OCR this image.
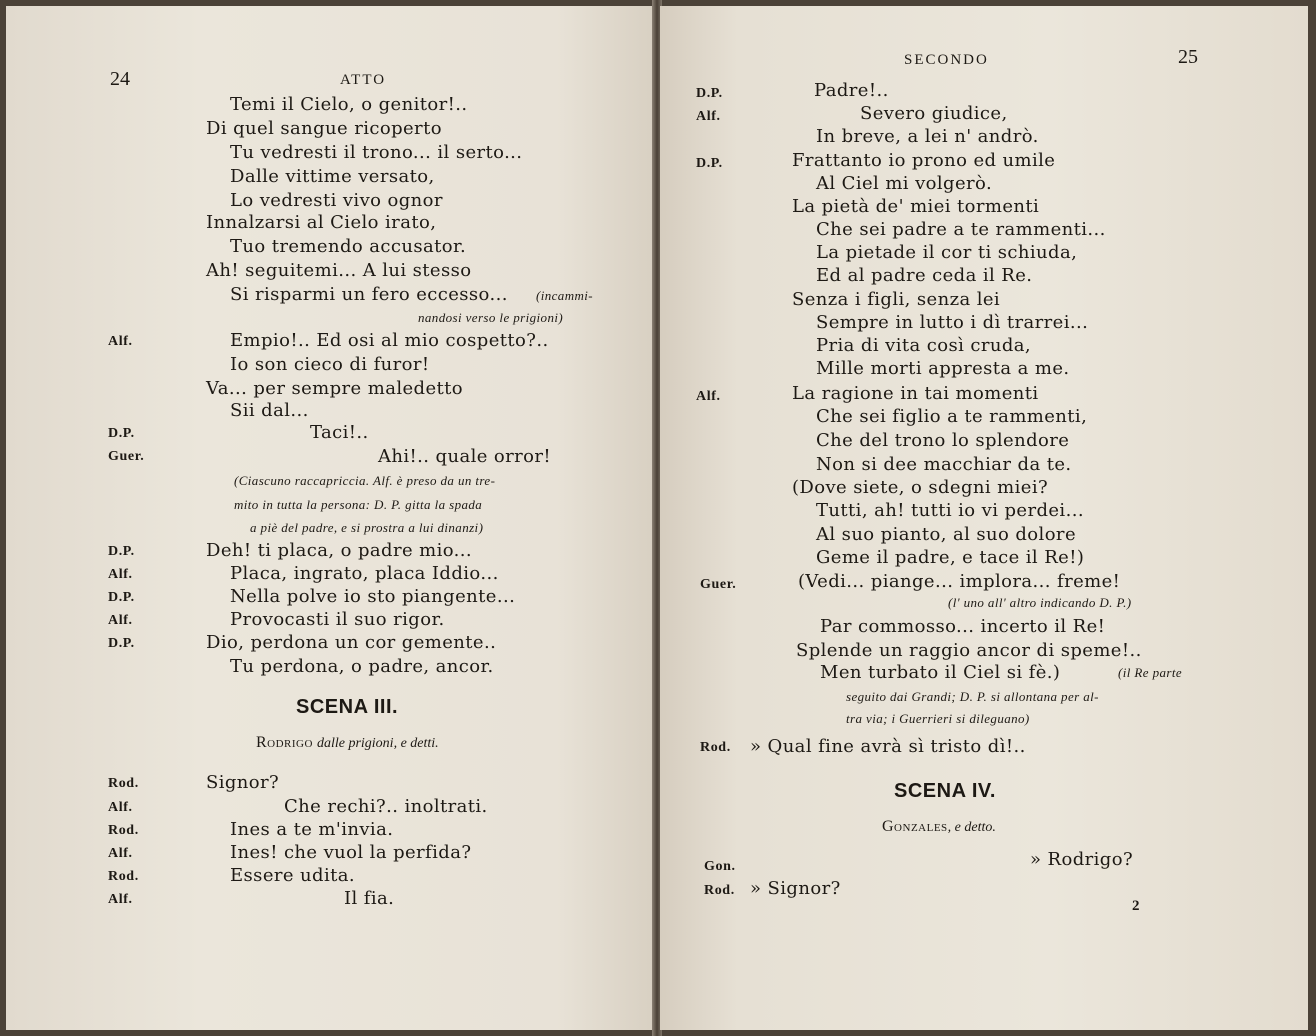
24	ATTO
Temi il Cielo, o genitor!..
Di quel sangue ricoperto
Tu vedresti il trono... il serto...
Dalle vittime versato,
Lo vedresti vivo ognor
Innalzarsi al Cielo irato,
Tuo tremendo accusator.
Ah! seguitemi... A lui stesso
Si risparmi un fero eccesso... (incammi-
nandosi verso le prigioni)
Alf.	Empio!.. Ed osi al mio cospetto?..
Io son cieco di furor!
Va... per sempre maledetto
Sii dal...
D.P.	Taci!..
Guer.	Ahi!.. quale orror!
(Ciascuno raccapriccia. Alf. è preso da un tre-
mito in tutta la persona: D. P. gitta la spada
a piè del padre, e si prostra a lui dinanzi)
D.P.	Deh! ti placa, o padre mio...
Alf.	Placa, ingrato, placa Iddio...
D.P.	Nella polve io sto piangente...
Alf.	Provocasti il suo rigor.
D.P.	Dio, perdona un cor gemente..
Tu perdona, o padre, ancor.
SCENA III.
Rodrigo dalle prigioni, e detti.
Rod.	Signor?
Alf.	Che rechi?.. inoltrati.
Rod.	Ines a te m'invia.
Alf.	Ines! che vuol la perfida?
Rod.	Essere udita.
Alf.	Il fia.
SECONDO	25
D.P.	Padre!..
Alf.	Severo giudice,
In breve, a lei n' andrò.
D.P.	Frattanto io prono ed umile
Al Ciel mi volgerò.
La pietà de' miei tormenti
Che sei padre a te rammenti...
La pietade il cor ti schiuda,
Ed al padre ceda il Re.
Senza i figli, senza lei
Sempre in lutto i dì trarrei...
Pria di vita così cruda,
Mille morti appresta a me.
Alf.	La ragione in tai momenti
Che sei figlio a te rammenti,
Che del trono lo splendore
Non si dee macchiar da te.
(Dove siete, o sdegni miei?
Tutti, ah! tutti io vi perdei...
Al suo pianto, al suo dolore
Geme il padre, e tace il Re!)
Guer.	(Vedi... piange... implora... freme!
(l' uno all' altro indicando D. P.)
Par commosso... incerto il Re!
Splende un raggio ancor di speme!..
Men turbato il Ciel si fè.)	(il Re parte
seguito dai Grandi; D. P. si allontana per al-
tra via; i Guerrieri si dileguano)
Rod. » Qual fine avrà sì tristo dì!..
SCENA IV.
Gonzales, e detto.
Gon.	» Rodrigo?
Rod. » Signor?
2
